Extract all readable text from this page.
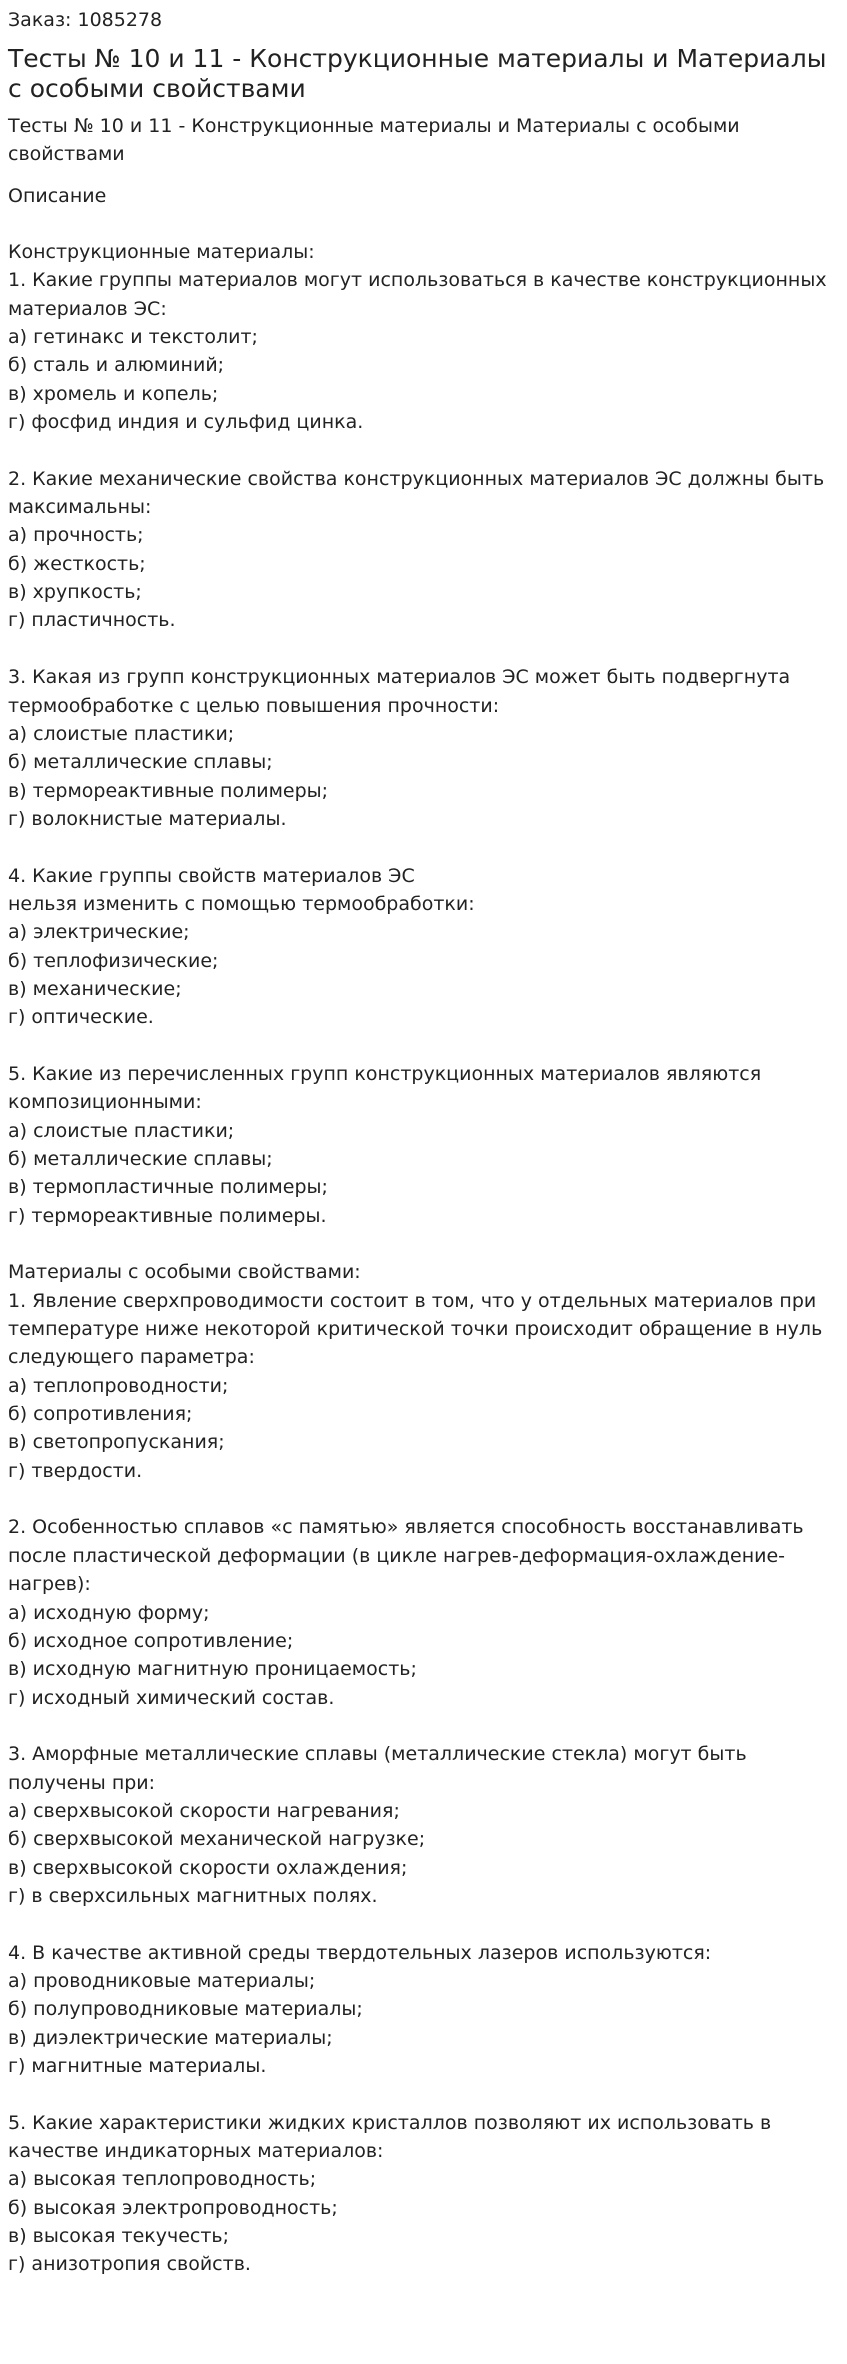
Заказ: 1085278
Тесты № 10 и 11 - Конструкционные материалы и Материалы с особыми свойствами
Тесты № 10 и 11 - Конструкционные материалы и Материалы с особыми свойствами
Описание
Конструкционные материалы:
1. Какие группы материалов могут использоваться в качестве конструкционных материалов ЭС:
а) гетинакс и текстолит;
б) сталь и алюминий;
в) хромель и копель;
г) фосфид индия и сульфид цинка.

2. Какие механические свойства конструкционных материалов ЭС должны быть максимальны:
а) прочность;
б) жесткость;
в) хрупкость;
г) пластичность.

3. Какая из групп конструкционных материалов ЭС может быть подвергнута термообработке с целью повышения прочности:
а) слоистые пластики;
б) металлические сплавы;
в) термореактивные полимеры;
г) волокнистые материалы.

4. Какие группы свойств материалов ЭС
нельзя изменить с помощью термообработки:
а) электрические;
б) теплофизические;
в) механические;
г) оптические.

5. Какие из перечисленных групп конструкционных материалов являются композиционными:
а) слоистые пластики;
б) металлические сплавы;
в) термопластичные полимеры;
г) термореактивные полимеры.

Материалы с особыми свойствами:
1. Явление сверхпроводимости состоит в том, что у отдельных материалов при температуре ниже некоторой критической точки происходит обращение в нуль следующего параметра:
а) теплопроводности;
б) сопротивления;
в) светопропускания;
г) твердости.

2. Особенностью сплавов «с памятью» является способность восстанавливать после пластической деформации (в цикле нагрев-деформация-охлаждение-нагрев):
а) исходную форму;
б) исходное сопротивление;
в) исходную магнитную проницаемость;
г) исходный химический состав.

3. Аморфные металлические сплавы (металлические стекла) могут быть получены при:
а) сверхвысокой скорости нагревания;
б) сверхвысокой механической нагрузке;
в) сверхвысокой скорости охлаждения;
г) в сверхсильных магнитных полях.

4. В качестве активной среды твердотельных лазеров используются:
а) проводниковые материалы;
б) полупроводниковые материалы;
в) диэлектрические материалы;
г) магнитные материалы.

5. Какие характеристики жидких кристаллов позволяют их использовать в качестве индикаторных материалов:
а) высокая теплопроводность;
б) высокая электропроводность;
в) высокая текучесть;
г) анизотропия свойств.
